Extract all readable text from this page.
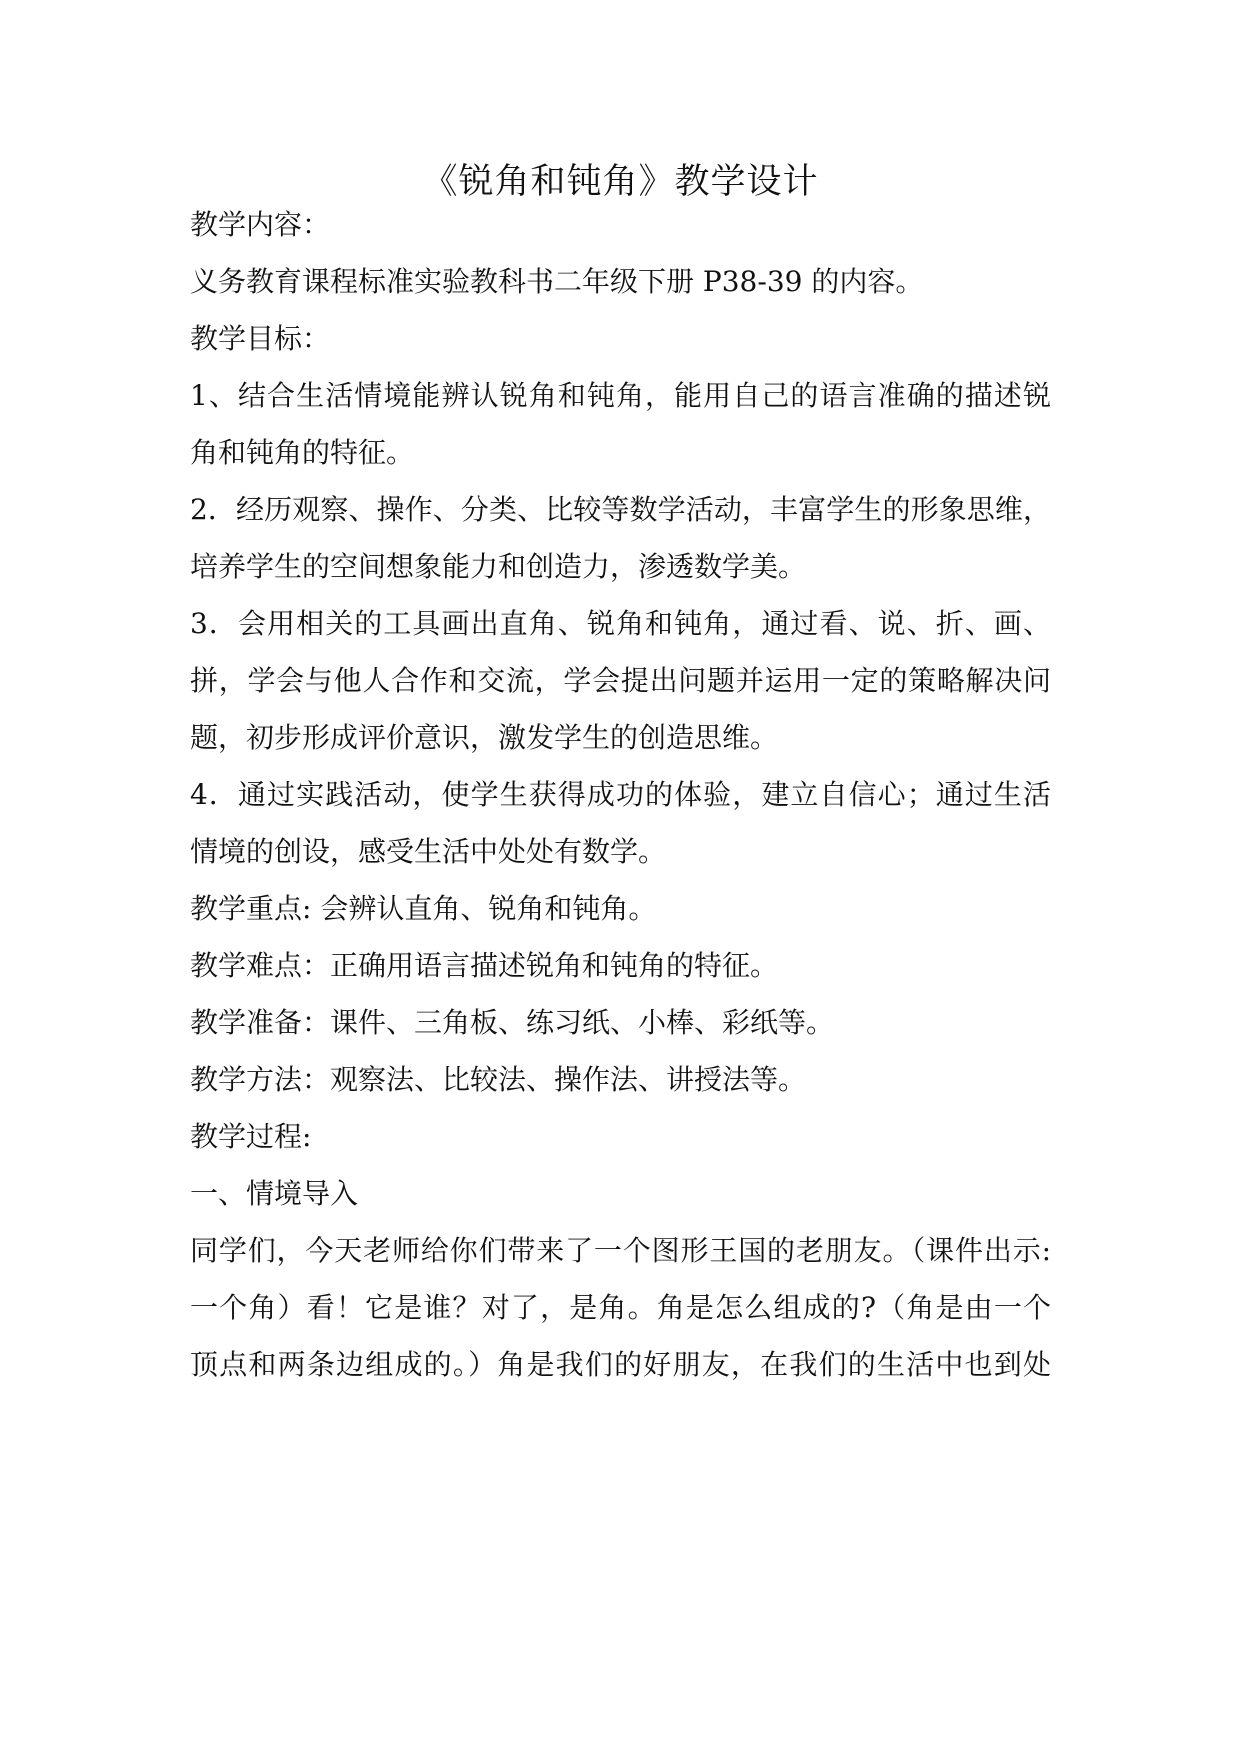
《锐角和钝角》教学设计
教学内容：
义务教育课程标准实验教科书二年级下册 P38-39 的内容。
教学目标：
1、结合生活情境能辨认锐角和钝角，能用自己的语言准确的描述锐
角和钝角的特征。
2．经历观察、操作、分类、比较等数学活动，丰富学生的形象思维，
培养学生的空间想象能力和创造力，渗透数学美。
3．会用相关的工具画出直角、锐角和钝角，通过看、说、折、画、
拼，学会与他人合作和交流，学会提出问题并运用一定的策略解决问
题，初步形成评价意识，激发学生的创造思维。
4．通过实践活动，使学生获得成功的体验，建立自信心；通过生活
情境的创设，感受生活中处处有数学。
教学重点: 会辨认直角、锐角和钝角。
教学难点：正确用语言描述锐角和钝角的特征。
教学准备：课件、三角板、练习纸、小棒、彩纸等。
教学方法：观察法、比较法、操作法、讲授法等。
教学过程:
一、情境导入
同学们，今天老师给你们带来了一个图形王国的老朋友。（课件出示:
一个角）看！它是谁？对了，是角。角是怎么组成的?（角是由一个
顶点和两条边组成的。）角是我们的好朋友，在我们的生活中也到处
